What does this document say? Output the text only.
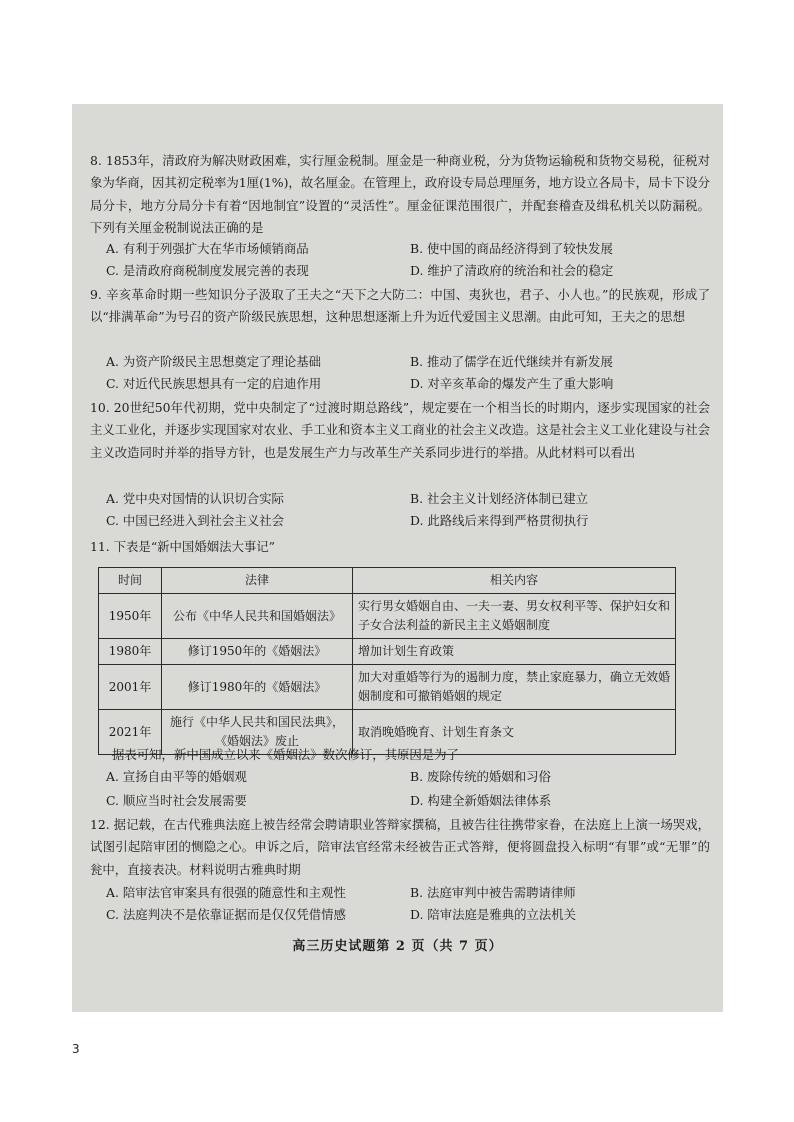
8. 1853年，清政府为解决财政困难，实行厘金税制。厘金是一种商业税，分为货物运输税和货物交易税，征税对象为华商，因其初定税率为1厘(1%)，故名厘金。在管理上，政府设专局总理厘务，地方设立各局卡，局卡下设分局分卡，地方分局分卡有着“因地制宜”设置的“灵活性”。厘金征课范围很广，并配套稽查及缉私机关以防漏税。下列有关厘金税制说法正确的是
A. 有利于列强扩大在华市场倾销商品	B. 使中国的商品经济得到了较快发展
C. 是清政府商税制度发展完善的表现	D. 维护了清政府的统治和社会的稳定
9. 辛亥革命时期一些知识分子汲取了王夫之“天下之大防二：中国、夷狄也，君子、小人也。”的民族观，形成了以“排满革命”为号召的资产阶级民族思想，这种思想逐渐上升为近代爱国主义思潮。由此可知，王夫之的思想
A. 为资产阶级民主思想奠定了理论基础	B. 推动了儒学在近代继续并有新发展
C. 对近代民族思想具有一定的启迪作用	D. 对辛亥革命的爆发产生了重大影响
10. 20世纪50年代初期，党中央制定了“过渡时期总路线”，规定要在一个相当长的时期内，逐步实现国家的社会主义工业化，并逐步实现国家对农业、手工业和资本主义工商业的社会主义改造。这是社会主义工业化建设与社会主义改造同时并举的指导方针，也是发展生产力与改革生产关系同步进行的举措。从此材料可以看出
A. 党中央对国情的认识切合实际	B. 社会主义计划经济体制已建立
C. 中国已经进入到社会主义社会	D. 此路线后来得到严格贯彻执行
11. 下表是“新中国婚姻法大事记”
时间	法律	相关内容
1950年	公布《中华人民共和国婚姻法》	实行男女婚姻自由、一夫一妻、男女权利平等、保护妇女和子女合法利益的新民主主义婚姻制度
1980年	修订1950年的《婚姻法》	增加计划生育政策
2001年	修订1980年的《婚姻法》	加大对重婚等行为的遏制力度，禁止家庭暴力，确立无效婚姻制度和可撤销婚姻的规定
2021年	施行《中华人民共和国民法典》，《婚姻法》废止	取消晚婚晚育、计划生育条文
据表可知，新中国成立以来《婚姻法》数次修订，其原因是为了
A. 宣扬自由平等的婚姻观	B. 废除传统的婚姻和习俗
C. 顺应当时社会发展需要	D. 构建全新婚姻法律体系
12. 据记载，在古代雅典法庭上被告经常会聘请职业答辩家撰稿，且被告往往携带家眷，在法庭上上演一场哭戏，试图引起陪审团的恻隐之心。申诉之后，陪审法官经常未经被告正式答辩，便将圆盘投入标明“有罪”或“无罪”的瓮中，直接表决。材料说明古雅典时期
A. 陪审法官审案具有很强的随意性和主观性	B. 法庭审判中被告需聘请律师
C. 法庭判决不是依靠证据而是仅仅凭借情感	D. 陪审法庭是雅典的立法机关
高三历史试题第 2 页（共 7 页）
3
